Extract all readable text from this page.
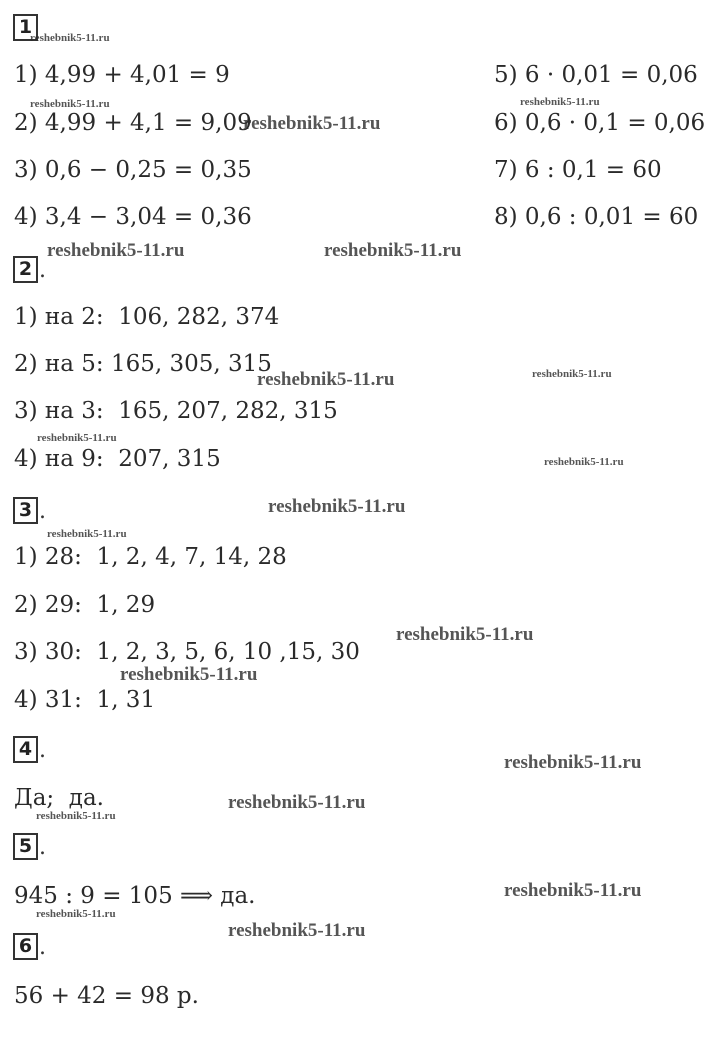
1
1) 4,99 + 4,01 = 9
2) 4,99 + 4,1 = 9,09
3) 0,6 − 0,25 = 0,35
4) 3,4 − 3,04 = 0,36
5) 6 · 0,01 = 0,06
6) 0,6 · 0,1 = 0,06
7) 6 : 0,1 = 60
8) 0,6 : 0,01 = 60
2 .
1) на 2:  106, 282, 374
2) на 5: 165, 305, 315
3) на 3:  165, 207, 282, 315
4) на 9:  207, 315
3 .
1) 28:  1, 2, 4, 7, 14, 28
2) 29:  1, 29
3) 30:  1, 2, 3, 5, 6, 10 ,15, 30
4) 31:  1, 31
4 .
Да;  да.
5 .
945 : 9 = 105 ⟹ да.
6 .
56 + 42 = 98 р.
reshebnik5-11.ru
reshebnik5-11.ru
reshebnik5-11.ru
reshebnik5-11.ru
reshebnik5-11.ru	reshebnik5-11.ru
reshebnik5-11.ru	reshebnik5-11.ru
reshebnik5-11.ru
reshebnik5-11.ru
reshebnik5-11.ru
reshebnik5-11.ru
reshebnik5-11.ru
reshebnik5-11.ru
reshebnik5-11.ru
reshebnik5-11.ru
reshebnik5-11.ru
reshebnik5-11.ru
reshebnik5-11.ru
reshebnik5-11.ru
